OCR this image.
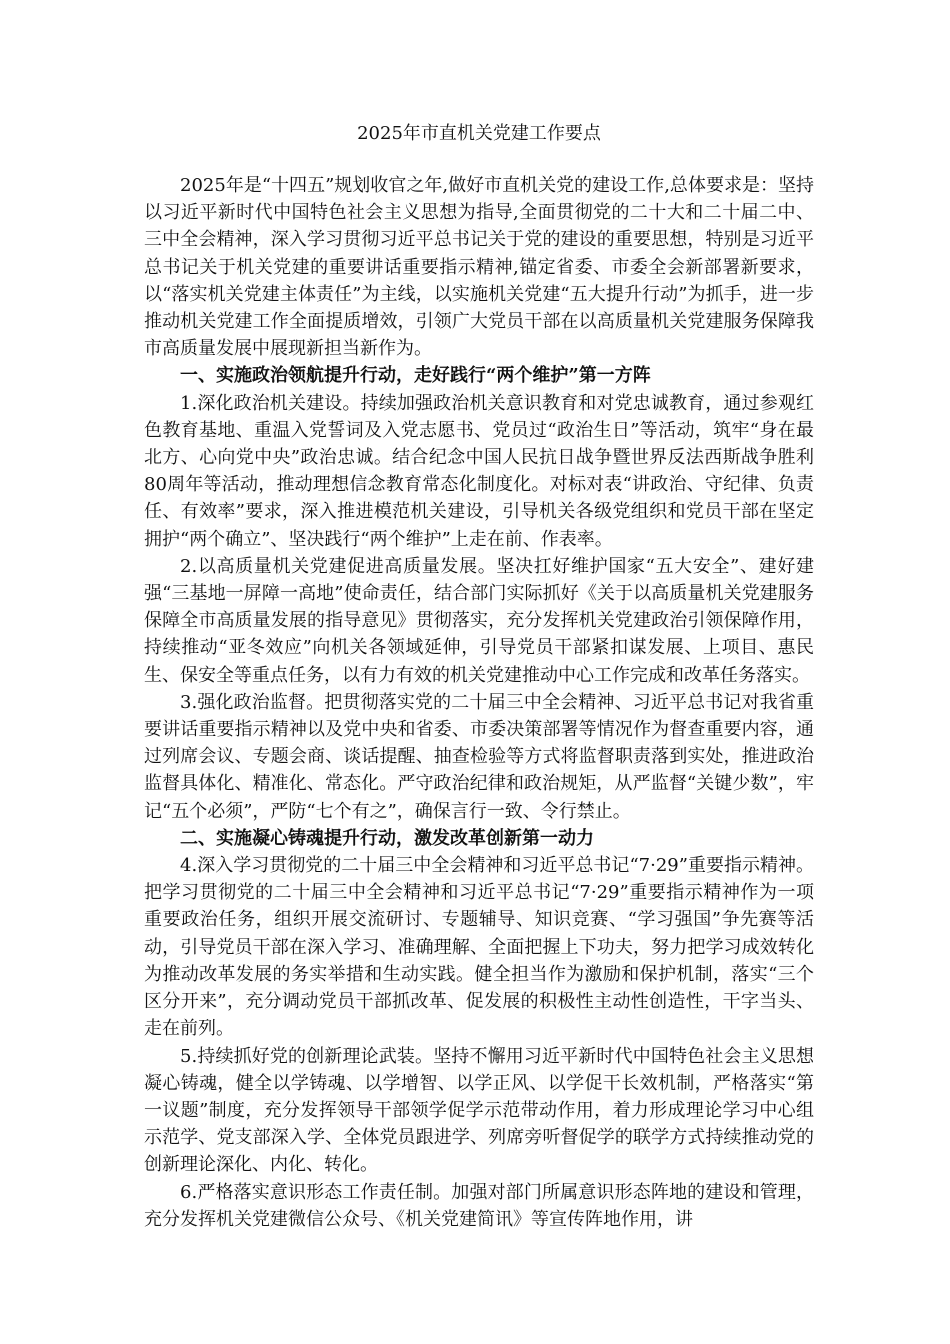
2025年市直机关党建工作要点

2025年是“十四五”规划收官之年,做好市直机关党的建设工作,总体要求是：坚持以习近平新时代中国特色社会主义思想为指导,全面贯彻党的二十大和二十届二中、三中全会精神，深入学习贯彻习近平总书记关于党的建设的重要思想，特别是习近平总书记关于机关党建的重要讲话重要指示精神,锚定省委、市委全会新部署新要求，以“落实机关党建主体责任”为主线，以实施机关党建“五大提升行动”为抓手，进一步推动机关党建工作全面提质增效，引领广大党员干部在以高质量机关党建服务保障我市高质量发展中展现新担当新作为。

一、实施政治领航提升行动，走好践行“两个维护”第一方阵

1.深化政治机关建设。持续加强政治机关意识教育和对党忠诚教育，通过参观红色教育基地、重温入党誓词及入党志愿书、党员过“政治生日”等活动，筑牢“身在最北方、心向党中央”政治忠诚。结合纪念中国人民抗日战争暨世界反法西斯战争胜利80周年等活动，推动理想信念教育常态化制度化。对标对表“讲政治、守纪律、负责任、有效率”要求，深入推进模范机关建设，引导机关各级党组织和党员干部在坚定拥护“两个确立”、坚决践行“两个维护”上走在前、作表率。

2.以高质量机关党建促进高质量发展。坚决扛好维护国家“五大安全”、建好建强“三基地一屏障一高地”使命责任，结合部门实际抓好《关于以高质量机关党建服务保障全市高质量发展的指导意见》贯彻落实，充分发挥机关党建政治引领保障作用，持续推动“亚冬效应”向机关各领域延伸，引导党员干部紧扣谋发展、上项目、惠民生、保安全等重点任务，以有力有效的机关党建推动中心工作完成和改革任务落实。

3.强化政治监督。把贯彻落实党的二十届三中全会精神、习近平总书记对我省重要讲话重要指示精神以及党中央和省委、市委决策部署等情况作为督查重要内容，通过列席会议、专题会商、谈话提醒、抽查检验等方式将监督职责落到实处，推进政治监督具体化、精准化、常态化。严守政治纪律和政治规矩，从严监督“关键少数”，牢记“五个必须”，严防“七个有之”，确保言行一致、令行禁止。

二、实施凝心铸魂提升行动，激发改革创新第一动力

4.深入学习贯彻党的二十届三中全会精神和习近平总书记“7·29”重要指示精神。把学习贯彻党的二十届三中全会精神和习近平总书记“7·29”重要指示精神作为一项重要政治任务，组织开展交流研讨、专题辅导、知识竞赛、“学习强国”争先赛等活动，引导党员干部在深入学习、准确理解、全面把握上下功夫，努力把学习成效转化为推动改革发展的务实举措和生动实践。健全担当作为激励和保护机制，落实“三个区分开来”，充分调动党员干部抓改革、促发展的积极性主动性创造性，干字当头、走在前列。

5.持续抓好党的创新理论武装。坚持不懈用习近平新时代中国特色社会主义思想凝心铸魂，健全以学铸魂、以学增智、以学正风、以学促干长效机制，严格落实“第一议题”制度，充分发挥领导干部领学促学示范带动作用，着力形成理论学习中心组示范学、党支部深入学、全体党员跟进学、列席旁听督促学的联学方式持续推动党的创新理论深化、内化、转化。

6.严格落实意识形态工作责任制。加强对部门所属意识形态阵地的建设和管理，充分发挥机关党建微信公众号、《机关党建简讯》等宣传阵地作用，讲
